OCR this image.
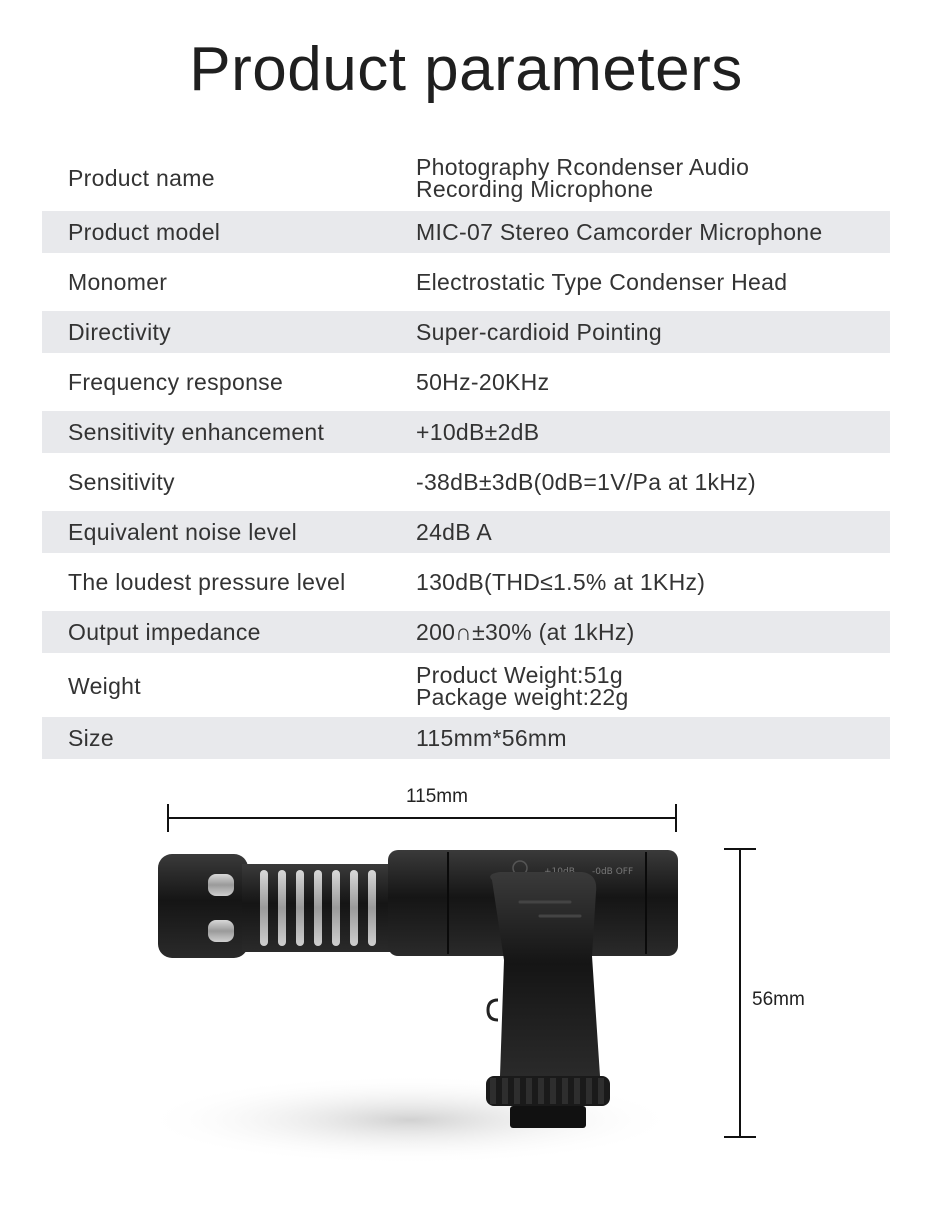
Product parameters
Product name	Photography Rcondenser Audio
Recording Microphone
Product model	MIC-07 Stereo Camcorder Microphone
Monomer	Electrostatic Type Condenser Head
Directivity	Super-cardioid Pointing
Frequency response	50Hz-20KHz
Sensitivity enhancement	+10dB±2dB
Sensitivity	-38dB±3dB(0dB=1V/Pa at 1kHz)
Equivalent noise level	24dB A
The loudest pressure level	130dB(THD≤1.5% at 1KHz)
Output impedance	200∩±30% (at 1kHz)
Weight	Product Weight:51g
Package weight:22g
Size	115mm*56mm
115mm
56mm
-0dB OFF
